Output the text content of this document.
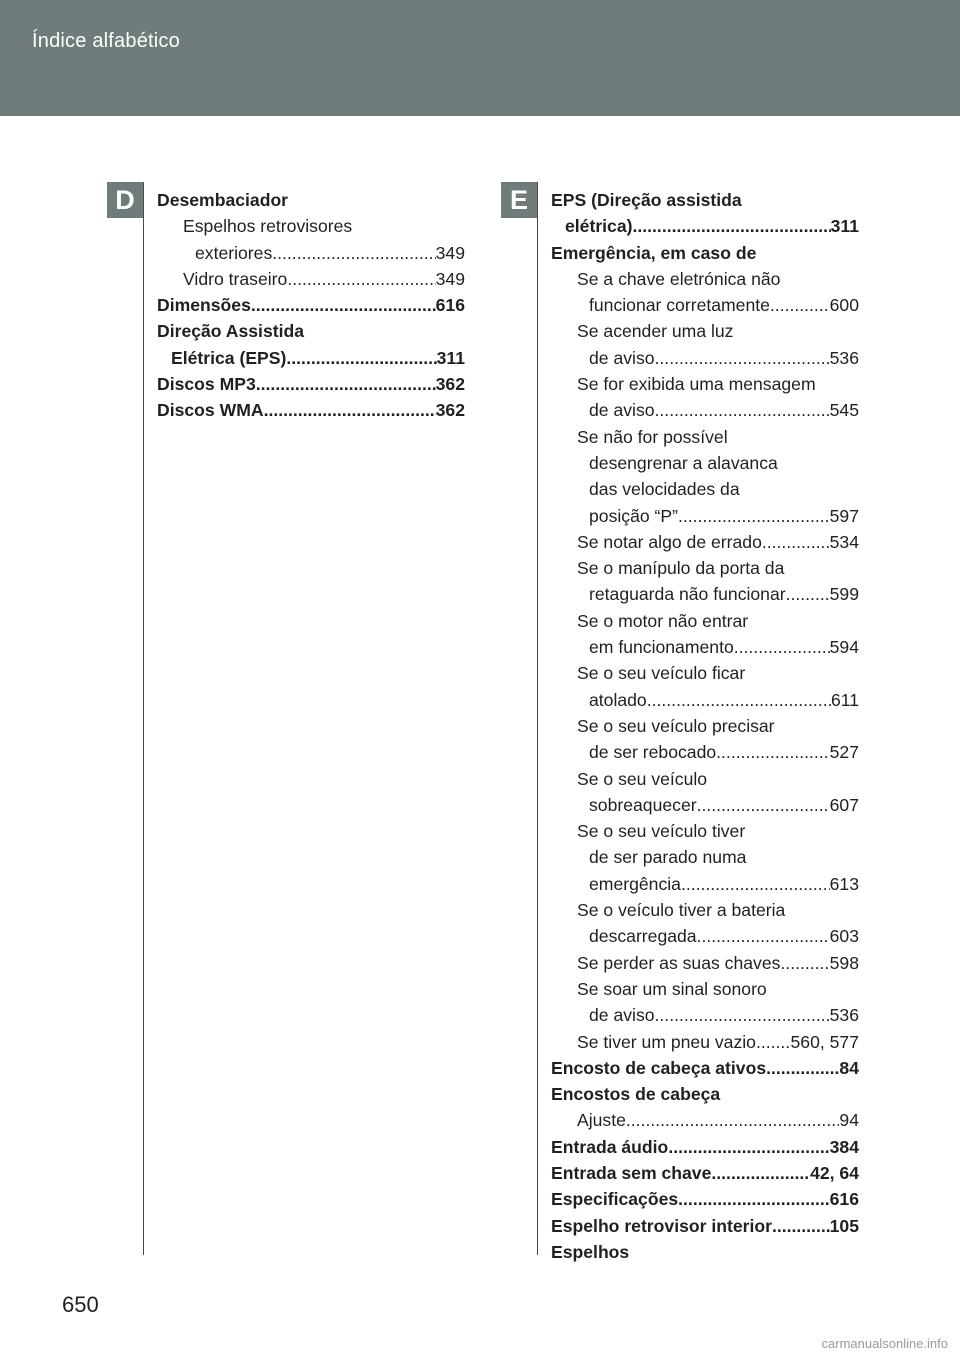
Índice alfabético
D	E
Desembaciador
Espelhos retrovisores
exteriores .....	349
Vidro traseiro .....	349
Dimensões .....	616
Direção Assistida
Elétrica (EPS) .....	311
Discos MP3 .....	362
Discos WMA .....	362
EPS (Direção assistida
elétrica) .....	311
Emergência, em caso de
Se a chave eletrónica não
funcionar corretamente .....	600
Se acender uma luz
de aviso .....	536
Se for exibida uma mensagem
de aviso .....	545
Se não for possível
desengrenar a alavanca
das velocidades da
posição “P” .....	597
Se notar algo de errado .....	534
Se o manípulo da porta da
retaguarda não funcionar .....	599
Se o motor não entrar
em funcionamento .....	594
Se o seu veículo ficar
atolado .....	611
Se o seu veículo precisar
de ser rebocado .....	527
Se o seu veículo
sobreaquecer .....	607
Se o seu veículo tiver
de ser parado numa
emergência .....	613
Se o veículo tiver a bateria
descarregada .....	603
Se perder as suas chaves .....	598
Se soar um sinal sonoro
de aviso .....	536
Se tiver um pneu vazio ..... 560, 577
Encosto de cabeça ativos .....	84
Encostos de cabeça
Ajuste .....	94
Entrada áudio .....	384
Entrada sem chave .....	42, 64
Especificações .....	616
Espelho retrovisor interior .....	105
Espelhos
650
carmanualsonline.info
